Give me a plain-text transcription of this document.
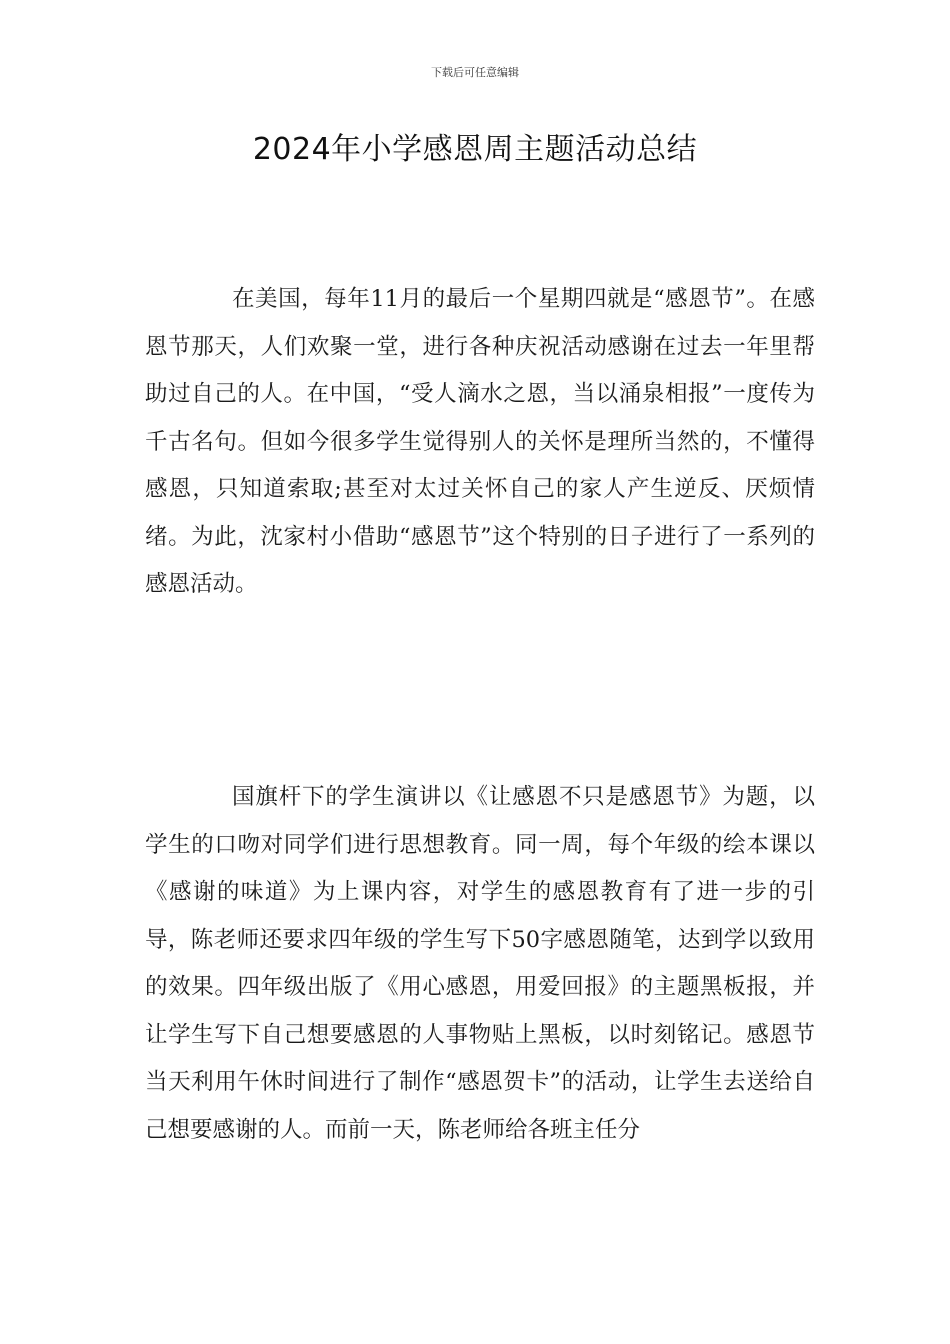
下载后可任意编辑
2024年小学感恩周主题活动总结

在美国，每年11月的最后一个星期四就是“感恩节”。在感恩节那天，人们欢聚一堂，进行各种庆祝活动感谢在过去一年里帮助过自己的人。在中国，“受人滴水之恩，当以涌泉相报”一度传为千古名句。但如今很多学生觉得别人的关怀是理所当然的，不懂得感恩，只知道索取;甚至对太过关怀自己的家人产生逆反、厌烦情绪。为此，沈家村小借助“感恩节”这个特别的日子进行了一系列的感恩活动。

国旗杆下的学生演讲以《让感恩不只是感恩节》为题，以学生的口吻对同学们进行思想教育。同一周，每个年级的绘本课以《感谢的味道》为上课内容，对学生的感恩教育有了进一步的引导，陈老师还要求四年级的学生写下50字感恩随笔，达到学以致用的效果。四年级出版了《用心感恩，用爱回报》的主题黑板报，并让学生写下自己想要感恩的人事物贴上黑板，以时刻铭记。感恩节当天利用午休时间进行了制作“感恩贺卡”的活动，让学生去送给自己想要感谢的人。而前一天，陈老师给各班主任分
